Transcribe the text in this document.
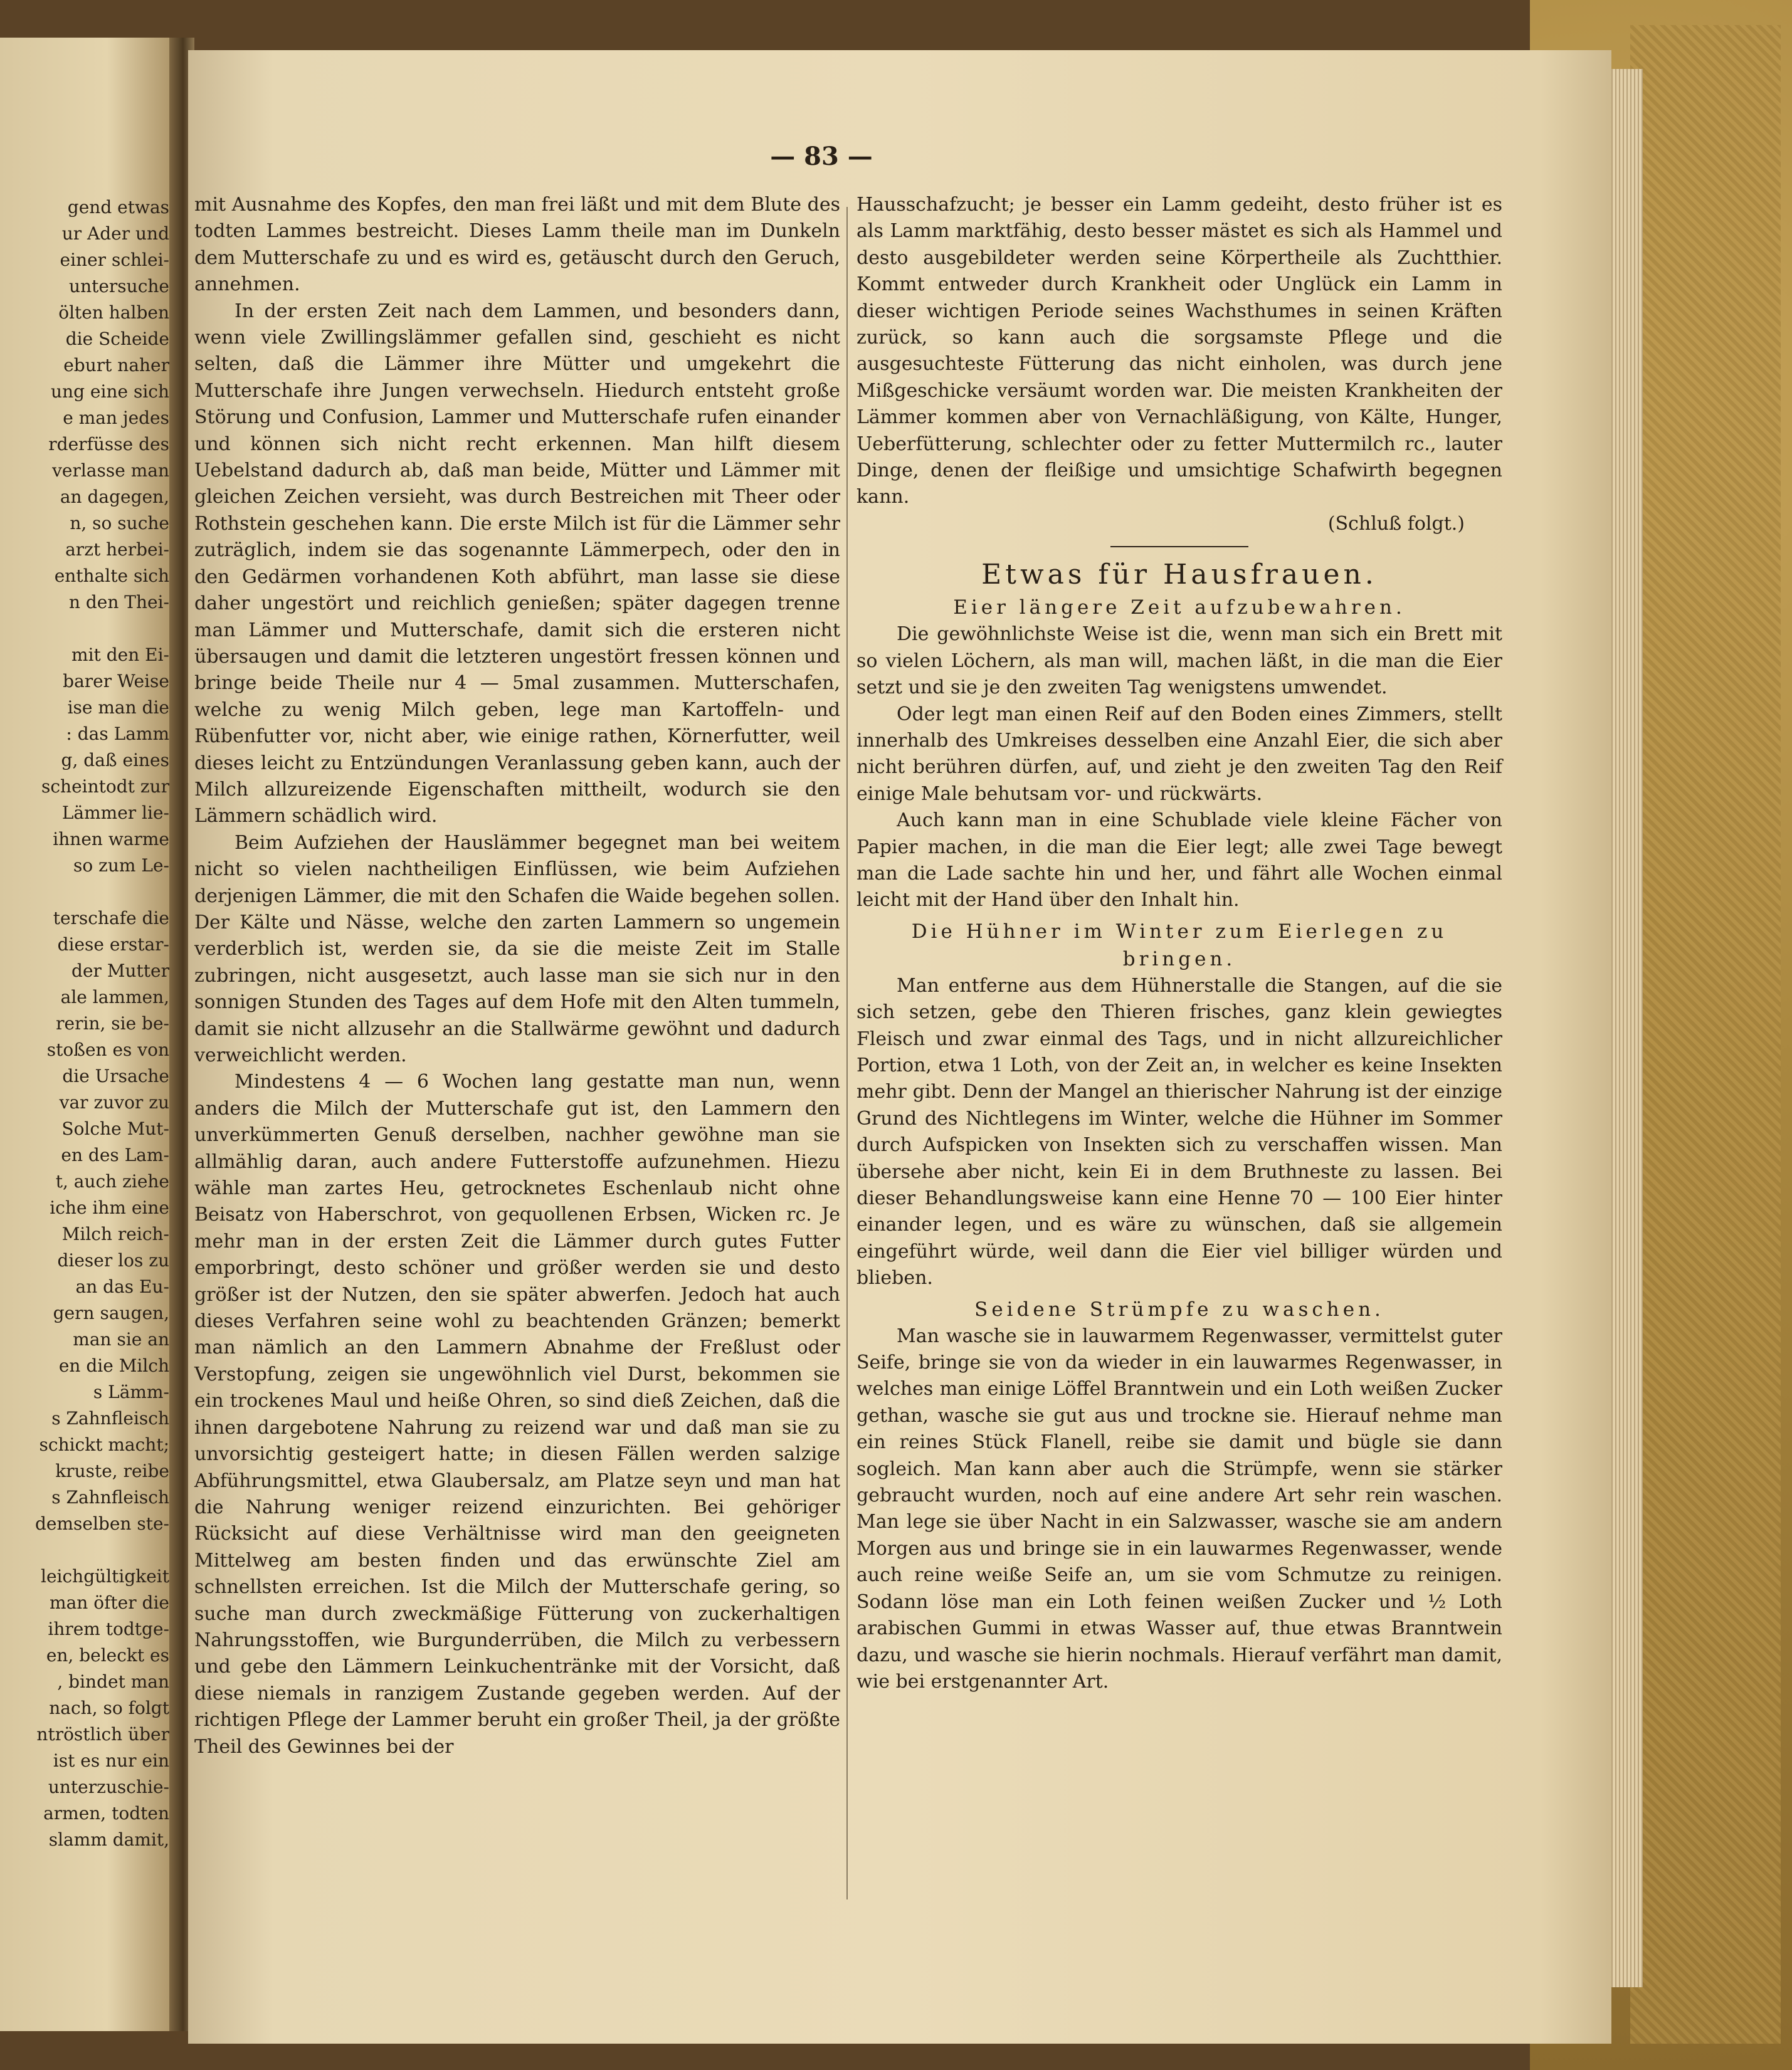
gend etwas
ur Ader und
einer schlei-
untersuche
ölten halben
die Scheide
eburt naher
ung eine sich
e man jedes
rderfüsse des
verlasse man
an dagegen,
n, so suche
arzt herbei-
enthalte sich
n den Thei-
mit den Ei-
barer Weise
ise man die
: das Lamm
g, daß eines
scheintodt zur
Lämmer lie-
ihnen warme
so zum Le-
terschafe die
diese erstar-
der Mutter
ale lammen,
rerin, sie be-
stoßen es von
die Ursache
var zuvor zu
Solche Mut-
en des Lam-
t, auch ziehe
iche ihm eine
Milch reich-
dieser los zu
an das Eu-
gern saugen,
man sie an
en die Milch
s Lämm-
s Zahnfleisch
schickt macht;
kruste, reibe
s Zahnfleisch
demselben ste-
leichgültigkeit
man öfter die
ihrem todtge-
en, beleckt es
, bindet man
nach, so folgt
ntröstlich über
ist es nur ein
unterzuschie-
armen, todten
slamm damit,
— 83 —

mit Ausnahme des Kopfes, den man frei läßt und mit dem Blute des todten Lammes bestreicht. Dieses Lamm theile man im Dunkeln dem Mutterschafe zu und es wird es, getäuscht durch den Geruch, annehmen.

In der ersten Zeit nach dem Lammen, und besonders dann, wenn viele Zwillingslämmer gefallen sind, geschieht es nicht selten, daß die Lämmer ihre Mütter und umgekehrt die Mutterschafe ihre Jungen verwechseln. Hiedurch entsteht große Störung und Confusion, Lammer und Mutterschafe rufen einander und können sich nicht recht erkennen. Man hilft diesem Uebelstand dadurch ab, daß man beide, Mütter und Lämmer mit gleichen Zeichen versieht, was durch Bestreichen mit Theer oder Rothstein geschehen kann. Die erste Milch ist für die Lämmer sehr zuträglich, indem sie das sogenannte Lämmerpech, oder den in den Gedärmen vorhandenen Koth abführt, man lasse sie diese daher ungestört und reichlich genießen; später dagegen trenne man Lämmer und Mutterschafe, damit sich die ersteren nicht übersaugen und damit die letzteren ungestört fressen können und bringe beide Theile nur 4 — 5mal zusammen. Mutterschafen, welche zu wenig Milch geben, lege man Kartoffeln- und Rübenfutter vor, nicht aber, wie einige rathen, Körnerfutter, weil dieses leicht zu Entzündungen Veranlassung geben kann, auch der Milch allzureizende Eigenschaften mittheilt, wodurch sie den Lämmern schädlich wird.

Beim Aufziehen der Hauslämmer begegnet man bei weitem nicht so vielen nachtheiligen Einflüssen, wie beim Aufziehen derjenigen Lämmer, die mit den Schafen die Waide begehen sollen. Der Kälte und Nässe, welche den zarten Lammern so ungemein verderblich ist, werden sie, da sie die meiste Zeit im Stalle zubringen, nicht ausgesetzt, auch lasse man sie sich nur in den sonnigen Stunden des Tages auf dem Hofe mit den Alten tummeln, damit sie nicht allzusehr an die Stallwärme gewöhnt und dadurch verweichlicht werden.

Mindestens 4 — 6 Wochen lang gestatte man nun, wenn anders die Milch der Mutterschafe gut ist, den Lammern den unverkümmerten Genuß derselben, nachher gewöhne man sie allmählig daran, auch andere Futterstoffe aufzunehmen. Hiezu wähle man zartes Heu, getrocknetes Eschenlaub nicht ohne Beisatz von Haberschrot, von gequollenen Erbsen, Wicken rc. Je mehr man in der ersten Zeit die Lämmer durch gutes Futter emporbringt, desto schöner und größer werden sie und desto größer ist der Nutzen, den sie später abwerfen. Jedoch hat auch dieses Verfahren seine wohl zu beachtenden Gränzen; bemerkt man nämlich an den Lammern Abnahme der Freßlust oder Verstopfung, zeigen sie ungewöhnlich viel Durst, bekommen sie ein trockenes Maul und heiße Ohren, so sind dieß Zeichen, daß die ihnen dargebotene Nahrung zu reizend war und daß man sie zu unvorsichtig gesteigert hatte; in diesen Fällen werden salzige Abführungsmittel, etwa Glaubersalz, am Platze seyn und man hat die Nahrung weniger reizend einzurichten. Bei gehöriger Rücksicht auf diese Verhältnisse wird man den geeigneten Mittelweg am besten finden und das erwünschte Ziel am schnellsten erreichen. Ist die Milch der Mutterschafe gering, so suche man durch zweckmäßige Fütterung von zuckerhaltigen Nahrungsstoffen, wie Burgunderrüben, die Milch zu verbessern und gebe den Lämmern Leinkuchentränke mit der Vorsicht, daß diese niemals in ranzigem Zustande gegeben werden. Auf der richtigen Pflege der Lammer beruht ein großer Theil, ja der größte Theil des Gewinnes bei der

Hausschafzucht; je besser ein Lamm gedeiht, desto früher ist es als Lamm marktfähig, desto besser mästet es sich als Hammel und desto ausgebildeter werden seine Körpertheile als Zuchtthier. Kommt entweder durch Krankheit oder Unglück ein Lamm in dieser wichtigen Periode seines Wachsthumes in seinen Kräften zurück, so kann auch die sorgsamste Pflege und die ausgesuchteste Fütterung das nicht einholen, was durch jene Mißgeschicke versäumt worden war. Die meisten Krankheiten der Lämmer kommen aber von Vernachläßigung, von Kälte, Hunger, Ueberfütterung, schlechter oder zu fetter Muttermilch rc., lauter Dinge, denen der fleißige und umsichtige Schafwirth begegnen kann.

(Schluß folgt.)

Etwas für Hausfrauen.

Eier längere Zeit aufzubewahren.

Die gewöhnlichste Weise ist die, wenn man sich ein Brett mit so vielen Löchern, als man will, machen läßt, in die man die Eier setzt und sie je den zweiten Tag wenigstens umwendet.

Oder legt man einen Reif auf den Boden eines Zimmers, stellt innerhalb des Umkreises desselben eine Anzahl Eier, die sich aber nicht berühren dürfen, auf, und zieht je den zweiten Tag den Reif einige Male behutsam vor- und rückwärts.

Auch kann man in eine Schublade viele kleine Fächer von Papier machen, in die man die Eier legt; alle zwei Tage bewegt man die Lade sachte hin und her, und fährt alle Wochen einmal leicht mit der Hand über den Inhalt hin.

Die Hühner im Winter zum Eierlegen zu bringen.

Man entferne aus dem Hühnerstalle die Stangen, auf die sie sich setzen, gebe den Thieren frisches, ganz klein gewiegtes Fleisch und zwar einmal des Tags, und in nicht allzureichlicher Portion, etwa 1 Loth, von der Zeit an, in welcher es keine Insekten mehr gibt. Denn der Mangel an thierischer Nahrung ist der einzige Grund des Nichtlegens im Winter, welche die Hühner im Sommer durch Aufspicken von Insekten sich zu verschaffen wissen. Man übersehe aber nicht, kein Ei in dem Bruthneste zu lassen. Bei dieser Behandlungsweise kann eine Henne 70 — 100 Eier hinter einander legen, und es wäre zu wünschen, daß sie allgemein eingeführt würde, weil dann die Eier viel billiger würden und blieben.

Seidene Strümpfe zu waschen.

Man wasche sie in lauwarmem Regenwasser, vermittelst guter Seife, bringe sie von da wieder in ein lauwarmes Regenwasser, in welches man einige Löffel Branntwein und ein Loth weißen Zucker gethan, wasche sie gut aus und trockne sie. Hierauf nehme man ein reines Stück Flanell, reibe sie damit und bügle sie dann sogleich. Man kann aber auch die Strümpfe, wenn sie stärker gebraucht wurden, noch auf eine andere Art sehr rein waschen. Man lege sie über Nacht in ein Salzwasser, wasche sie am andern Morgen aus und bringe sie in ein lauwarmes Regenwasser, wende auch reine weiße Seife an, um sie vom Schmutze zu reinigen. Sodann löse man ein Loth feinen weißen Zucker und ½ Loth arabischen Gummi in etwas Wasser auf, thue etwas Branntwein dazu, und wasche sie hierin nochmals. Hierauf verfährt man damit, wie bei erstgenannter Art.
